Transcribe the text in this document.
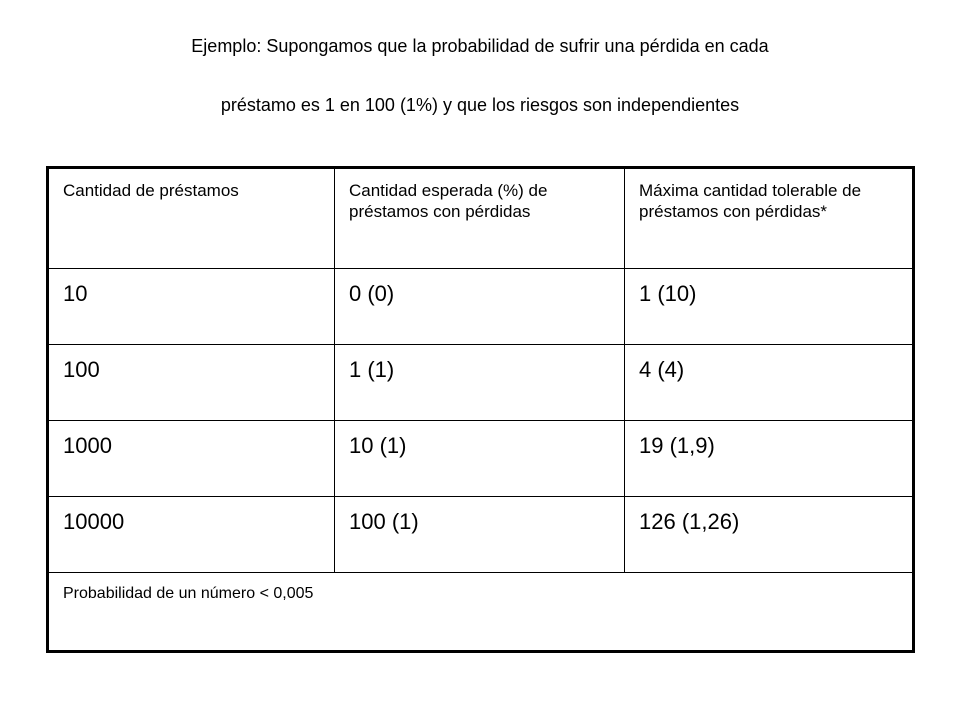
Ejemplo: Supongamos que la probabilidad de sufrir una pérdida en cada
préstamo es 1 en 100 (1%) y que los riesgos son independientes
Cantidad de préstamos	Cantidad esperada (%) de préstamos con pérdidas	Máxima cantidad tolerable de préstamos con pérdidas*
10	0 (0)	1 (10)
100	1 (1)	4 (4)
1000	10 (1)	19 (1,9)
10000	100 (1)	126 (1,26)
Probabilidad de un número < 0,005		
